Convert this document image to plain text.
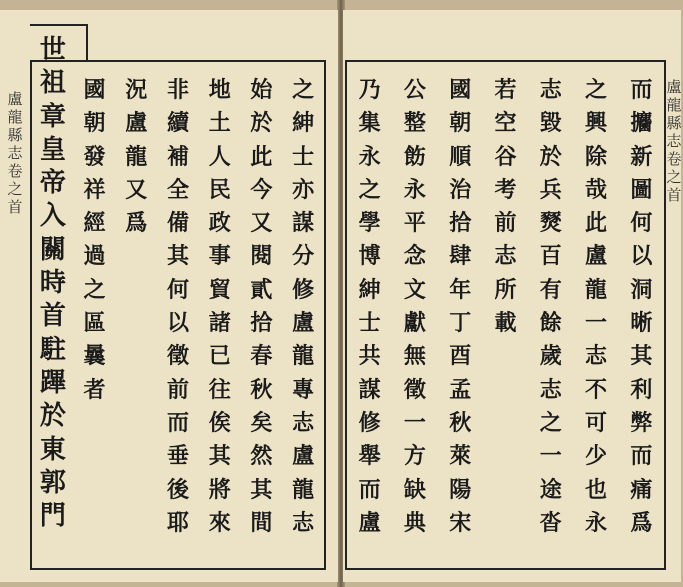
盧
龍
縣
志
卷
之
首
之
紳
士
亦
謀
分
修
盧
龍
專
志
盧
龍
志
始
於
此
今
又
閱
貳
拾
春
秋
矣
然
其
間
地
土
人
民
政
事
貿
諸
已
往
俟
其
將
來
非
續
補
全
備
其
何
以
徵
前
而
垂
後
耶
況
盧
龍
又
爲
國
朝
發
祥
經
過
之
區
曩
者
世
祖
章
皇
帝
入
關
時
首
駐
蹕
於
東
郭
門
而
攟
新
圖
何
以
洞
晰
其
利
弊
而
痛
爲
之
興
除
哉
此
盧
龍
一
志
不
可
少
也
永
志
毀
於
兵
燹
百
有
餘
歲
志
之
一
途
沓
若
空
谷
考
前
志
所
載
國
朝
順
治
拾
肆
年
丁
酉
孟
秋
萊
陽
宋
公
整
飭
永
平
念
文
獻
無
徵
一
方
缺
典
乃
集
永
之
學
博
紳
士
共
謀
修
舉
而
盧
盧
龍
縣
志
卷
之
首
